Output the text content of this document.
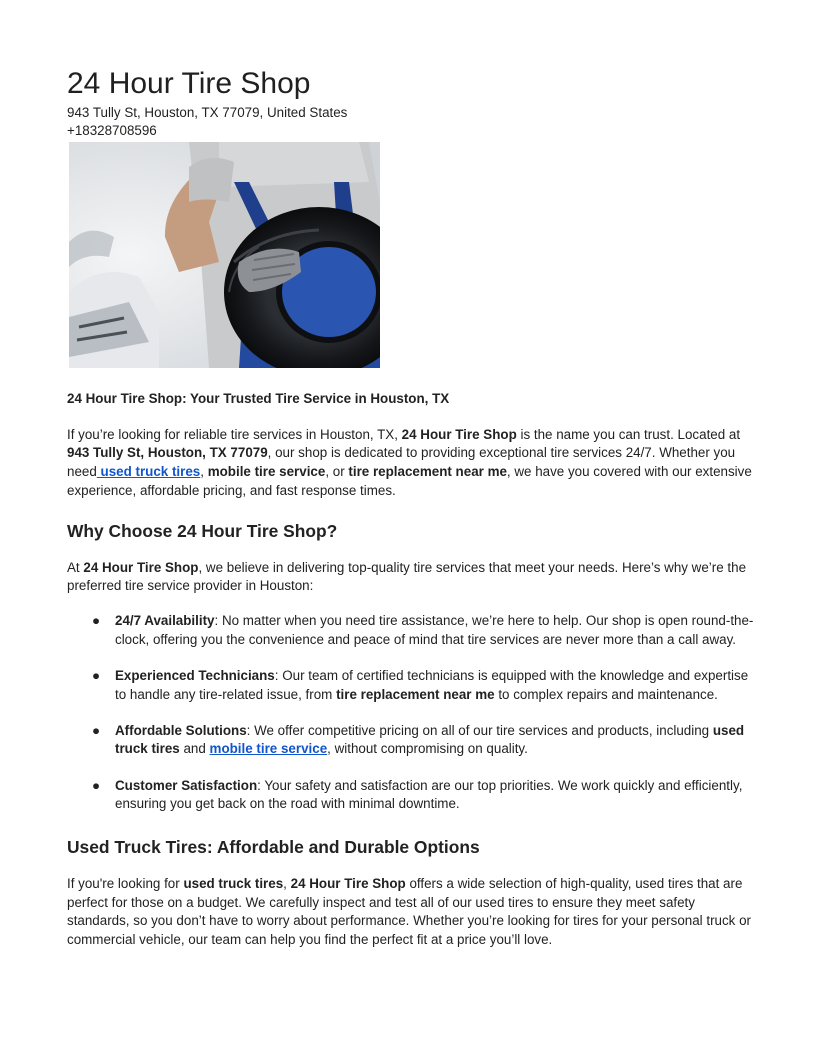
24 Hour Tire Shop
943 Tully St, Houston, TX 77079, United States
+18328708596

24 Hour Tire Shop: Your Trusted Tire Service in Houston, TX

If you’re looking for reliable tire services in Houston, TX, 24 Hour Tire Shop is the name you can trust. Located at 943 Tully St, Houston, TX 77079, our shop is dedicated to providing exceptional tire services 24/7. Whether you need used truck tires, mobile tire service, or tire replacement near me, we have you covered with our extensive experience, affordable pricing, and fast response times.

Why Choose 24 Hour Tire Shop?

At 24 Hour Tire Shop, we believe in delivering top-quality tire services that meet your needs. Here’s why we’re the preferred tire service provider in Houston:

● 24/7 Availability: No matter when you need tire assistance, we’re here to help. Our shop is open round-the-clock, offering you the convenience and peace of mind that tire services are never more than a call away.
● Experienced Technicians: Our team of certified technicians is equipped with the knowledge and expertise to handle any tire-related issue, from tire replacement near me to complex repairs and maintenance.
● Affordable Solutions: We offer competitive pricing on all of our tire services and products, including used truck tires and mobile tire service, without compromising on quality.
● Customer Satisfaction: Your safety and satisfaction are our top priorities. We work quickly and efficiently, ensuring you get back on the road with minimal downtime.
Used Truck Tires: Affordable and Durable Options

If you're looking for used truck tires, 24 Hour Tire Shop offers a wide selection of high-quality, used tires that are perfect for those on a budget. We carefully inspect and test all of our used tires to ensure they meet safety standards, so you don’t have to worry about performance. Whether you’re looking for tires for your personal truck or commercial vehicle, our team can help you find the perfect fit at a price you’ll love.
